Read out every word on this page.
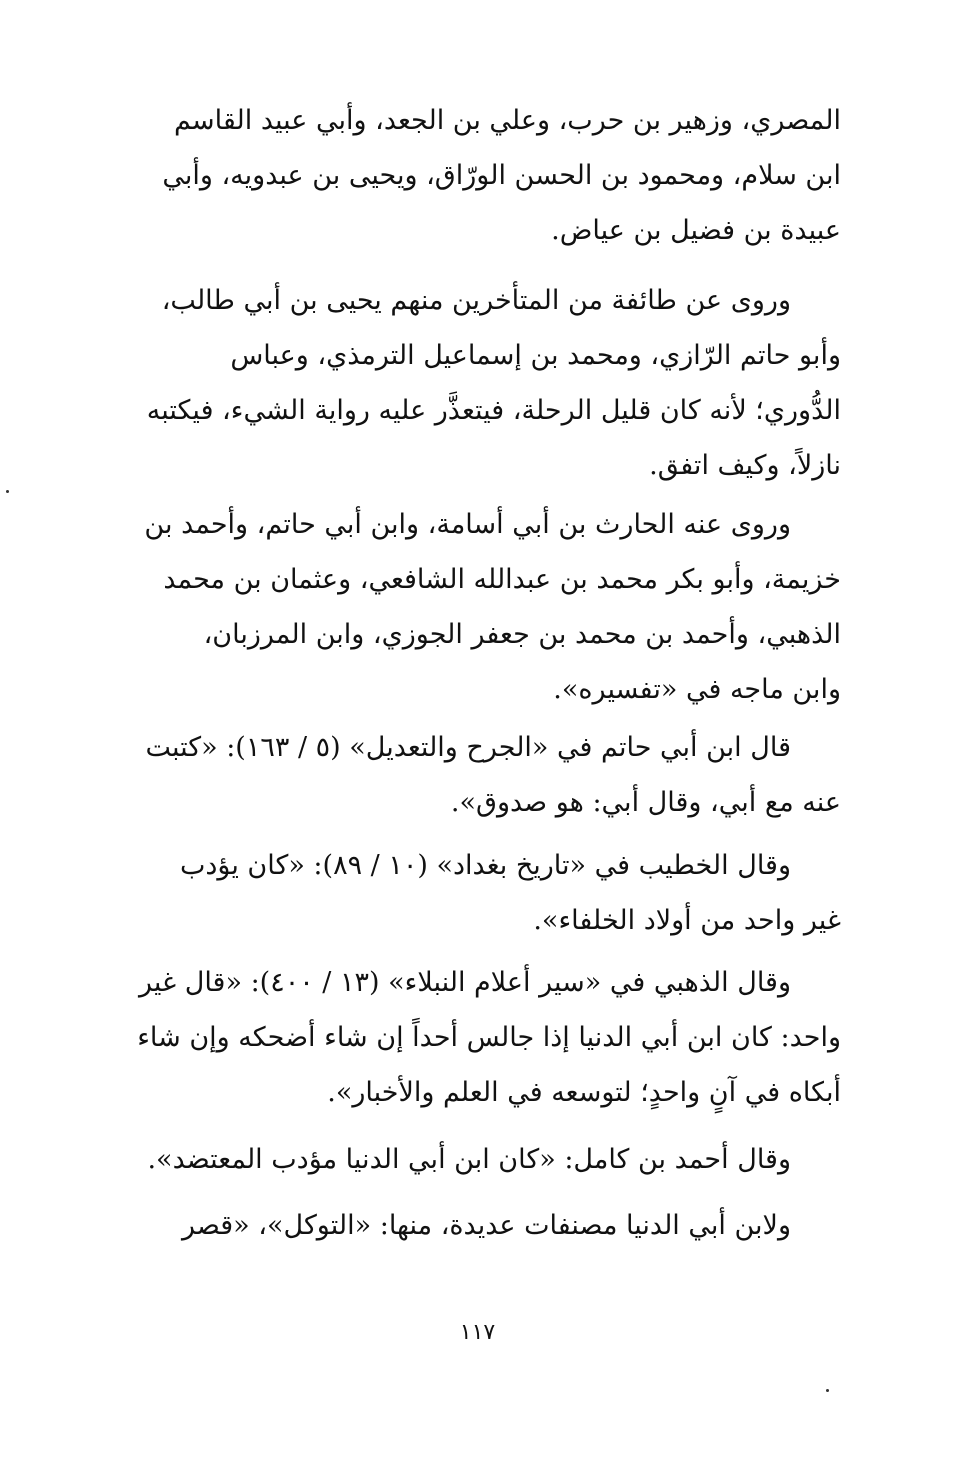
المصري، وزهير بن حرب، وعلي بن الجعد، وأبي عبيد القاسم
ابن سلام، ومحمود بن الحسن الورّاق، ويحيى بن عبدويه، وأبي
عبيدة بن فضيل بن عياض.
وروى عن طائفة من المتأخرين منهم يحيى بن أبي طالب،
وأبو حاتم الرّازي، ومحمد بن إسماعيل الترمذي، وعباس
الدُّوري؛ لأنه كان قليل الرحلة، فيتعذَّر عليه رواية الشيء، فيكتبه
نازلاً، وكيف اتفق.
وروى عنه الحارث بن أبي أسامة، وابن أبي حاتم، وأحمد بن
خزيمة، وأبو بكر محمد بن عبدالله الشافعي، وعثمان بن محمد
الذهبي، وأحمد بن محمد بن جعفر الجوزي، وابن المرزبان،
وابن ماجه في «تفسيره».
قال ابن أبي حاتم في «الجرح والتعديل» (٥ / ١٦٣): «كتبت
عنه مع أبي، وقال أبي: هو صدوق».
وقال الخطيب في «تاريخ بغداد» (١٠ / ٨٩): «كان يؤدب
غير واحد من أولاد الخلفاء».
وقال الذهبي في «سير أعلام النبلاء» (١٣ / ٤٠٠): «قال غير
واحد: كان ابن أبي الدنيا إذا جالس أحداً إن شاء أضحكه وإن شاء
أبكاه في آنٍ واحدٍ؛ لتوسعه في العلم والأخبار».
وقال أحمد بن كامل: «كان ابن أبي الدنيا مؤدب المعتضد».
ولابن أبي الدنيا مصنفات عديدة، منها: «التوكل»، «قصر
١١٧
